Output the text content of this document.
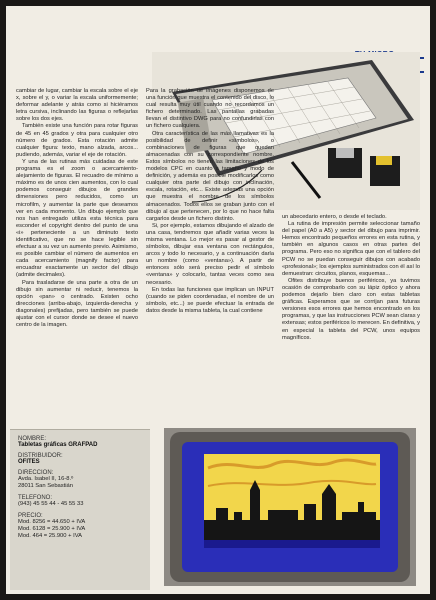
cambiar de lugar, cambiar la escala sobre el eje x, sobre el y, o variar la escala uniformemente; deformar adelante y atrás como si hiciéramos letra cursiva, inclinando las figuras o reflejarlas sobre los dos ejes.

También existe una función para rotar figuras de 45 en 45 grados y otra para cualquier otro número de grados. Esta rotación admite cualquier figura: texto, mano alzada, arcos... pudiendo, además, variar el eje de rotación.

Y una de las rutinas más cuidadas de este programa es el zoom o acercamiento-alejamiento de figuras. El recuadro de mínimo a máximo es de unos cien aumentos, con lo cual podemos conseguir dibujos de grandes dimensiones pero reducidos, como un microfilm, y aumentar la parte que deseamos ver en cada momento. Un dibujo ejemplo que nos han entregado utiliza esta técnica para esconder el copyright dentro del punto de una «i» perteneciente a un diminuto texto identificativo, que no se hace legible sin efectuar a su vez un aumento previo. Asimismo, es posible cambiar el número de aumentos en cada acercamiento (magnify factor) para encuadrar exactamente un sector del dibujo (admite decimales).

Para trasladarse de una parte a otra de un dibujo sin aumentar ni reducir, tenemos la opción «pan» o centrado. Existen ocho direcciones (arriba-abajo, izquierda-derecha y diagonales) prefijadas, pero también se puede ajustar con el cursor donde se desee el nuevo centro de la imagen.

Para la grabación de imágenes disponemos de una función que muestra el contenido del disco, lo cual resulta muy útil cuando no recordamos un fichero determinado. Las pantallas grabadas llevan el distintivo DWG para no confundirlas con un fichero cualquiera.

Otra característica de las más llamativas es la posibilidad de definir «símbolos», o combinaciones de figuras que quedan almacenadas con su correspondiente nombre. Estos símbolos no tienen las limitaciones de los modelos CPC en cuanto a tamaño y modo de definición, y además es posible modificarlos como cualquier otra parte del dibujo con inclinación, escala, rotación, etc... Existe además una opción que muestra el nombre de los símbolos almacenados. Todos ellos se graban junto con el dibujo al que pertenecen, por lo que no hace falta cargarlos desde un fichero distinto.

Si, por ejemplo, estamos dibujando el alzado de una casa, tendremos que añadir varias veces la misma ventana. Lo mejor es pasar al gestor de símbolos, dibujar esa ventana con rectángulos, arcos y todo lo necesario, y a continuación darla un nombre (como «ventana»). A partir de entonces sólo será preciso pedir el símbolo «ventana» y colocarlo, tantas veces como sea necesario.

En todas las funciones que implican un INPUT (cuando se piden coordenadas, el nombre de un símbolo, etc...) se puede efectuar la entrada de datos desde la misma tableta, la cual contiene

un abecedario entero, o desde el teclado.

La rutina de impresión permite seleccionar tamaño del papel (A0 a A5) y sector del dibujo para imprimir. Hemos encontrado pequeños errores en esta rutina, y también en algunos casos en otras partes del programa. Pero eso no significa que con el tablero del PCW no se puedan conseguir dibujos con acabado «profesional»; los ejemplos suministrados con él así lo demuestran: circuitos, planos, esquemas...

Ofites distribuye buenos periféricos, ya tuvimos ocasión de comprobarlo con su lápiz óptico y ahora podemos dejarlo bien claro con estas tabletas gráficas. Esperamos que se corrijan para futuras versiones esos errores que hemos encontrado en los programas, y que las instrucciones PCW sean claras y extensas; estos periféricos lo merecen. En definitiva, y en especial la tableta del PCW, unos equipos magníficos.

NOMBRE:
Tabletas gráficas GRAFPAD
DISTRIBUIDOR:
OFITES
DIRECCION:
Avda. Isabel II, 16-8.º
28011 San Sebastián
TELEFONO:
(943) 45 55 44 - 45 55 33
PRECIO:
Mod. 8256 = 44.650 + IVA
Mod. 6128 = 25.900 + IVA
Mod. 464 = 25.900 + IVA
